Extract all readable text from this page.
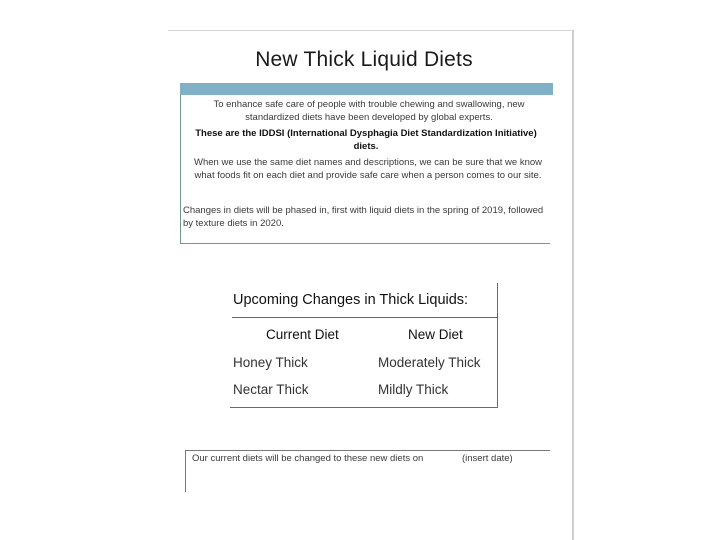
New Thick Liquid Diets
To enhance safe care of people with trouble chewing and swallowing, new standardized diets have been developed by global experts.
These are the IDDSI (International Dysphagia Diet Standardization Initiative) diets.
When we use the same diet names and descriptions, we can be sure that we know what foods fit on each diet and provide safe care when a person comes to our site.
Changes in diets will be phased in, first with liquid diets in the spring of 2019, followed by texture diets in 2020.
Upcoming Changes in Thick Liquids:
Current Diet	New Diet
Honey Thick	Moderately Thick
Nectar Thick	Mildly Thick
Our current diets will be changed to these new diets on	(insert date)
